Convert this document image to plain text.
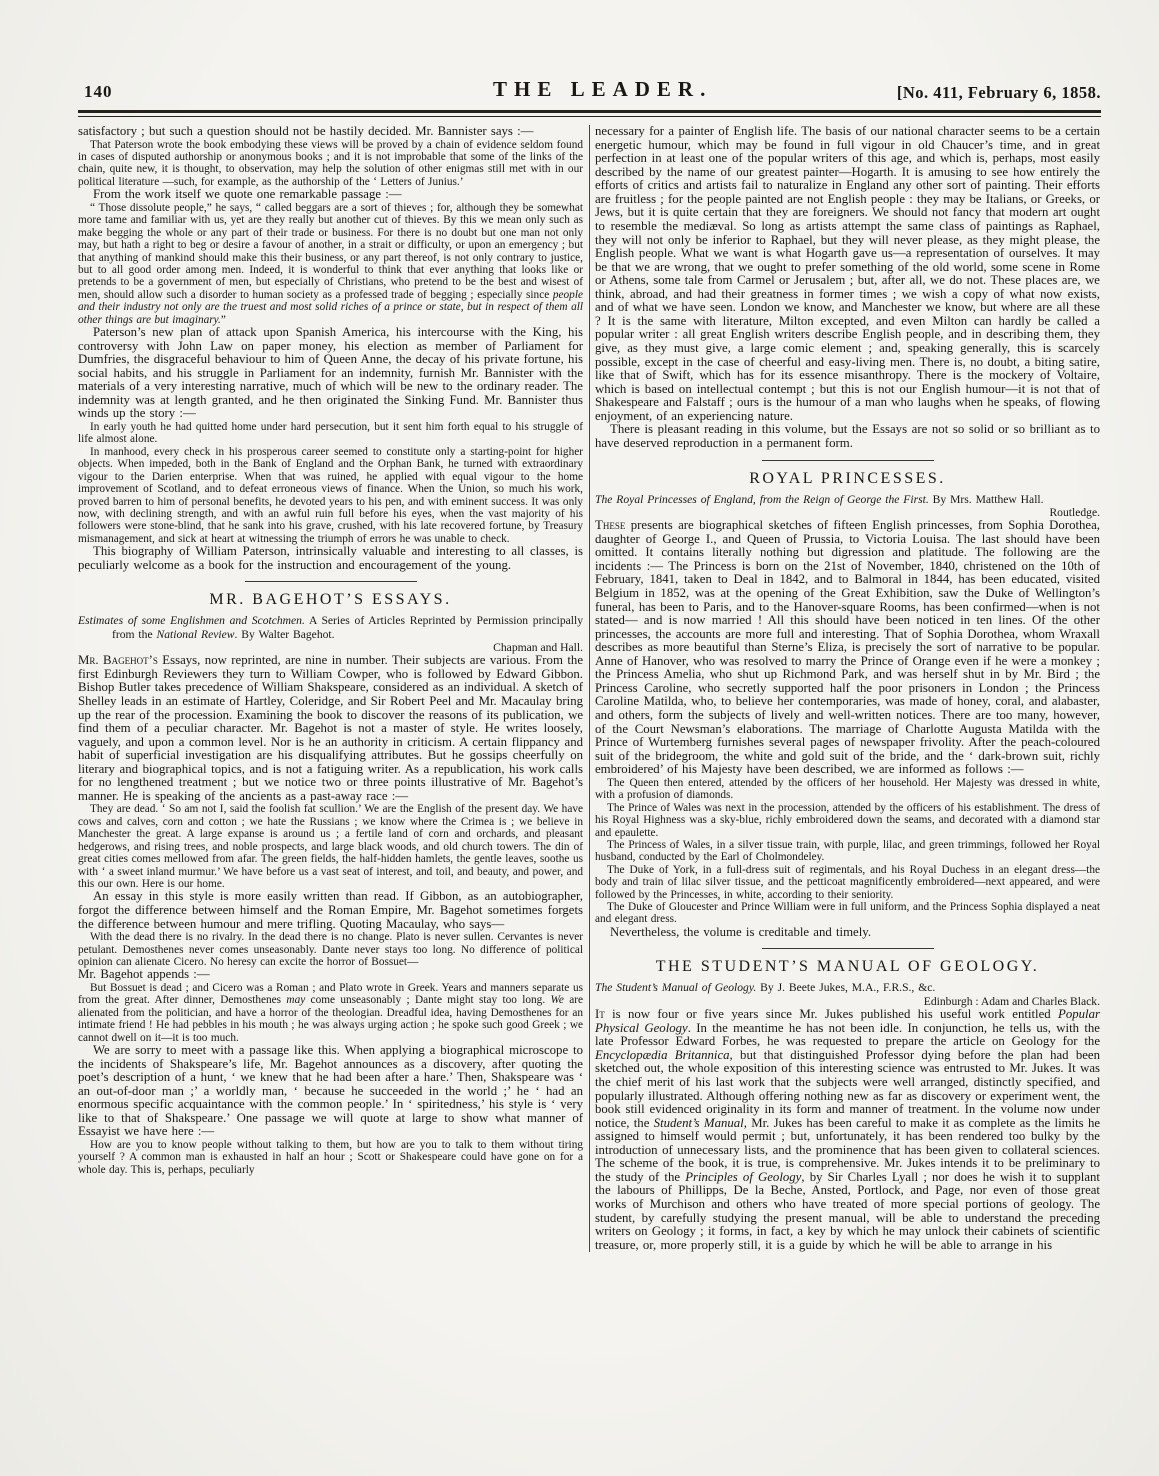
140	THE LEADER.	[No. 411, February 6, 1858.
satisfactory ; but such a question should not be hastily decided. Mr. Bannister says :—
That Paterson wrote the book embodying these views will be proved by a chain of evidence seldom found in cases of disputed authorship or anonymous books ; and it is not improbable that some of the links of the chain, quite new, it is thought, to observation, may help the solution of other enigmas still met with in our political literature —such, for example, as the authorship of the ‘ Letters of Junius.’
From the work itself we quote one remarkable passage :—
“ Those dissolute people,” he says, “ called beggars are a sort of thieves ; for, although they be somewhat more tame and familiar with us, yet are they really but another cut of thieves. By this we mean only such as make begging the whole or any part of their trade or business. For there is no doubt but one man not only may, but hath a right to beg or desire a favour of another, in a strait or difficulty, or upon an emergency ; but that anything of mankind should make this their business, or any part thereof, is not only contrary to justice, but to all good order among men. Indeed, it is wonderful to think that ever anything that looks like or pretends to be a government of men, but especially of Christians, who pretend to be the best and wisest of men, should allow such a disorder to human society as a professed trade of begging ; especially since people and their industry not only are the truest and most solid riches of a prince or state, but in respect of them all other things are but imaginary.”
Paterson’s new plan of attack upon Spanish America, his intercourse with the King, his controversy with John Law on paper money, his election as member of Parliament for Dumfries, the disgraceful behaviour to him of Queen Anne, the decay of his private fortune, his social habits, and his struggle in Parliament for an indemnity, furnish Mr. Bannister with the materials of a very interesting narrative, much of which will be new to the ordinary reader. The indemnity was at length granted, and he then originated the Sinking Fund. Mr. Bannister thus winds up the story :—
In early youth he had quitted home under hard persecution, but it sent him forth equal to his struggle of life almost alone.
In manhood, every check in his prosperous career seemed to constitute only a starting-point for higher objects. When impeded, both in the Bank of England and the Orphan Bank, he turned with extraordinary vigour to the Darien enterprise. When that was ruined, he applied with equal vigour to the home improvement of Scotland, and to defeat erroneous views of finance. When the Union, so much his work, proved barren to him of personal benefits, he devoted years to his pen, and with eminent success. It was only now, with declining strength, and with an awful ruin full before his eyes, when the vast majority of his followers were stone-blind, that he sank into his grave, crushed, with his late recovered fortune, by Treasury mismanagement, and sick at heart at witnessing the triumph of errors he was unable to check.
This biography of William Paterson, intrinsically valuable and interesting to all classes, is peculiarly welcome as a book for the instruction and encouragement of the young.
MR. BAGEHOT’S ESSAYS.
Estimates of some Englishmen and Scotchmen. A Series of Articles Reprinted by Permission principally from the National Review. By Walter Bagehot.
Chapman and Hall.
Mr. Bagehot’s Essays, now reprinted, are nine in number. Their subjects are various. From the first Edinburgh Reviewers they turn to William Cowper, who is followed by Edward Gibbon. Bishop Butler takes precedence of William Shakspeare, considered as an individual. A sketch of Shelley leads in an estimate of Hartley, Coleridge, and Sir Robert Peel and Mr. Macaulay bring up the rear of the procession. Examining the book to discover the reasons of its publication, we find them of a peculiar character. Mr. Bagehot is not a master of style. He writes loosely, vaguely, and upon a common level. Nor is he an authority in criticism. A certain flippancy and habit of superficial investigation are his disqualifying attributes. But he gossips cheerfully on literary and biographical topics, and is not a fatiguing writer. As a republication, his work calls for no lengthened treatment ; but we notice two or three points illustrative of Mr. Bagehot’s manner. He is speaking of the ancients as a past-away race :—
They are dead. ‘ So am not I, said the foolish fat scullion.’ We are the English of the present day. We have cows and calves, corn and cotton ; we hate the Russians ; we know where the Crimea is ; we believe in Manchester the great. A large expanse is around us ; a fertile land of corn and orchards, and pleasant hedgerows, and rising trees, and noble prospects, and large black woods, and old church towers. The din of great cities comes mellowed from afar. The green fields, the half-hidden hamlets, the gentle leaves, soothe us with ‘ a sweet inland murmur.’ We have before us a vast seat of interest, and toil, and beauty, and power, and this our own. Here is our home.
An essay in this style is more easily written than read. If Gibbon, as an autobiographer, forgot the difference between himself and the Roman Empire, Mr. Bagehot sometimes forgets the difference between humour and mere trifling. Quoting Macaulay, who says—
With the dead there is no rivalry. In the dead there is no change. Plato is never sullen. Cervantes is never petulant. Demosthenes never comes unseasonably. Dante never stays too long. No difference of political opinion can alienate Cicero. No heresy can excite the horror of Bossuet—
Mr. Bagehot appends :—
But Bossuet is dead ; and Cicero was a Roman ; and Plato wrote in Greek. Years and manners separate us from the great. After dinner, Demosthenes may come unseasonably ; Dante might stay too long. We are alienated from the politician, and have a horror of the theologian. Dreadful idea, having Demosthenes for an intimate friend ! He had pebbles in his mouth ; he was always urging action ; he spoke such good Greek ; we cannot dwell on it—it is too much.
We are sorry to meet with a passage like this. When applying a biographical microscope to the incidents of Shakspeare’s life, Mr. Bagehot announces as a discovery, after quoting the poet’s description of a hunt, ‘ we knew that he had been after a hare.’ Then, Shakspeare was ‘ an out-of-door man ;’ a worldly man, ‘ because he succeeded in the world ;’ he ‘ had an enormous specific acquaintance with the common people.’ In ‘ spiritedness,’ his style is ‘ very like to that of Shakspeare.’ One passage we will quote at large to show what manner of Essayist we have here :—
How are you to know people without talking to them, but how are you to talk to them without tiring yourself ? A common man is exhausted in half an hour ; Scott or Shakespeare could have gone on for a whole day. This is, perhaps, peculiarly
necessary for a painter of English life. The basis of our national character seems to be a certain energetic humour, which may be found in full vigour in old Chaucer’s time, and in great perfection in at least one of the popular writers of this age, and which is, perhaps, most easily described by the name of our greatest painter—Hogarth. It is amusing to see how entirely the efforts of critics and artists fail to naturalize in England any other sort of painting. Their efforts are fruitless ; for the people painted are not English people : they may be Italians, or Greeks, or Jews, but it is quite certain that they are foreigners. We should not fancy that modern art ought to resemble the mediæval. So long as artists attempt the same class of paintings as Raphael, they will not only be inferior to Raphael, but they will never please, as they might please, the English people. What we want is what Hogarth gave us—a representation of ourselves. It may be that we are wrong, that we ought to prefer something of the old world, some scene in Rome or Athens, some tale from Carmel or Jerusalem ; but, after all, we do not. These places are, we think, abroad, and had their greatness in former times ; we wish a copy of what now exists, and of what we have seen. London we know, and Manchester we know, but where are all these ? It is the same with literature, Milton excepted, and even Milton can hardly be called a popular writer : all great English writers describe English people, and in describing them, they give, as they must give, a large comic element ; and, speaking generally, this is scarcely possible, except in the case of cheerful and easy-living men. There is, no doubt, a biting satire, like that of Swift, which has for its essence misanthropy. There is the mockery of Voltaire, which is based on intellectual contempt ; but this is not our English humour—it is not that of Shakespeare and Falstaff ; ours is the humour of a man who laughs when he speaks, of flowing enjoyment, of an experiencing nature.
There is pleasant reading in this volume, but the Essays are not so solid or so brilliant as to have deserved reproduction in a permanent form.
ROYAL PRINCESSES.
The Royal Princesses of England, from the Reign of George the First. By Mrs. Matthew Hall.
Routledge.
These presents are biographical sketches of fifteen English princesses, from Sophia Dorothea, daughter of George I., and Queen of Prussia, to Victoria Louisa. The last should have been omitted. It contains literally nothing but digression and platitude. The following are the incidents :— The Princess is born on the 21st of November, 1840, christened on the 10th of February, 1841, taken to Deal in 1842, and to Balmoral in 1844, has been educated, visited Belgium in 1852, was at the opening of the Great Exhibition, saw the Duke of Wellington’s funeral, has been to Paris, and to the Hanover-square Rooms, has been confirmed—when is not stated— and is now married ! All this should have been noticed in ten lines. Of the other princesses, the accounts are more full and interesting. That of Sophia Dorothea, whom Wraxall describes as more beautiful than Sterne’s Eliza, is precisely the sort of narrative to be popular. Anne of Hanover, who was resolved to marry the Prince of Orange even if he were a monkey ; the Princess Amelia, who shut up Richmond Park, and was herself shut in by Mr. Bird ; the Princess Caroline, who secretly supported half the poor prisoners in London ; the Princess Caroline Matilda, who, to believe her contemporaries, was made of honey, coral, and alabaster, and others, form the subjects of lively and well-written notices. There are too many, however, of the Court Newsman’s elaborations. The marriage of Charlotte Augusta Matilda with the Prince of Wurtemberg furnishes several pages of newspaper frivolity. After the peach-coloured suit of the bridegroom, the white and gold suit of the bride, and the ‘ dark-brown suit, richly embroidered’ of his Majesty have been described, we are informed as follows :—
The Queen then entered, attended by the officers of her household. Her Majesty was dressed in white, with a profusion of diamonds.
The Prince of Wales was next in the procession, attended by the officers of his establishment. The dress of his Royal Highness was a sky-blue, richly embroidered down the seams, and decorated with a diamond star and epaulette.
The Princess of Wales, in a silver tissue train, with purple, lilac, and green trimmings, followed her Royal husband, conducted by the Earl of Cholmondeley.
The Duke of York, in a full-dress suit of regimentals, and his Royal Duchess in an elegant dress—the body and train of lilac silver tissue, and the petticoat magnificently embroidered—next appeared, and were followed by the Princesses, in white, according to their seniority.
The Duke of Gloucester and Prince William were in full uniform, and the Princess Sophia displayed a neat and elegant dress.
Nevertheless, the volume is creditable and timely.
THE STUDENT’S MANUAL OF GEOLOGY.
The Student’s Manual of Geology. By J. Beete Jukes, M.A., F.R.S., &c.
Edinburgh : Adam and Charles Black.
It is now four or five years since Mr. Jukes published his useful work entitled Popular Physical Geology. In the meantime he has not been idle. In conjunction, he tells us, with the late Professor Edward Forbes, he was requested to prepare the article on Geology for the Encyclopædia Britannica, but that distinguished Professor dying before the plan had been sketched out, the whole exposition of this interesting science was entrusted to Mr. Jukes. It was the chief merit of his last work that the subjects were well arranged, distinctly specified, and popularly illustrated. Although offering nothing new as far as discovery or experiment went, the book still evidenced originality in its form and manner of treatment. In the volume now under notice, the Student’s Manual, Mr. Jukes has been careful to make it as complete as the limits he assigned to himself would permit ; but, unfortunately, it has been rendered too bulky by the introduction of unnecessary lists, and the prominence that has been given to collateral sciences. The scheme of the book, it is true, is comprehensive. Mr. Jukes intends it to be preliminary to the study of the Principles of Geology, by Sir Charles Lyall ; nor does he wish it to supplant the labours of Phillipps, De la Beche, Ansted, Portlock, and Page, nor even of those great works of Murchison and others who have treated of more special portions of geology. The student, by carefully studying the present manual, will be able to understand the preceding writers on Geology ; it forms, in fact, a key by which he may unlock their cabinets of scientific treasure, or, more properly still, it is a guide by which he will be able to arrange in his
